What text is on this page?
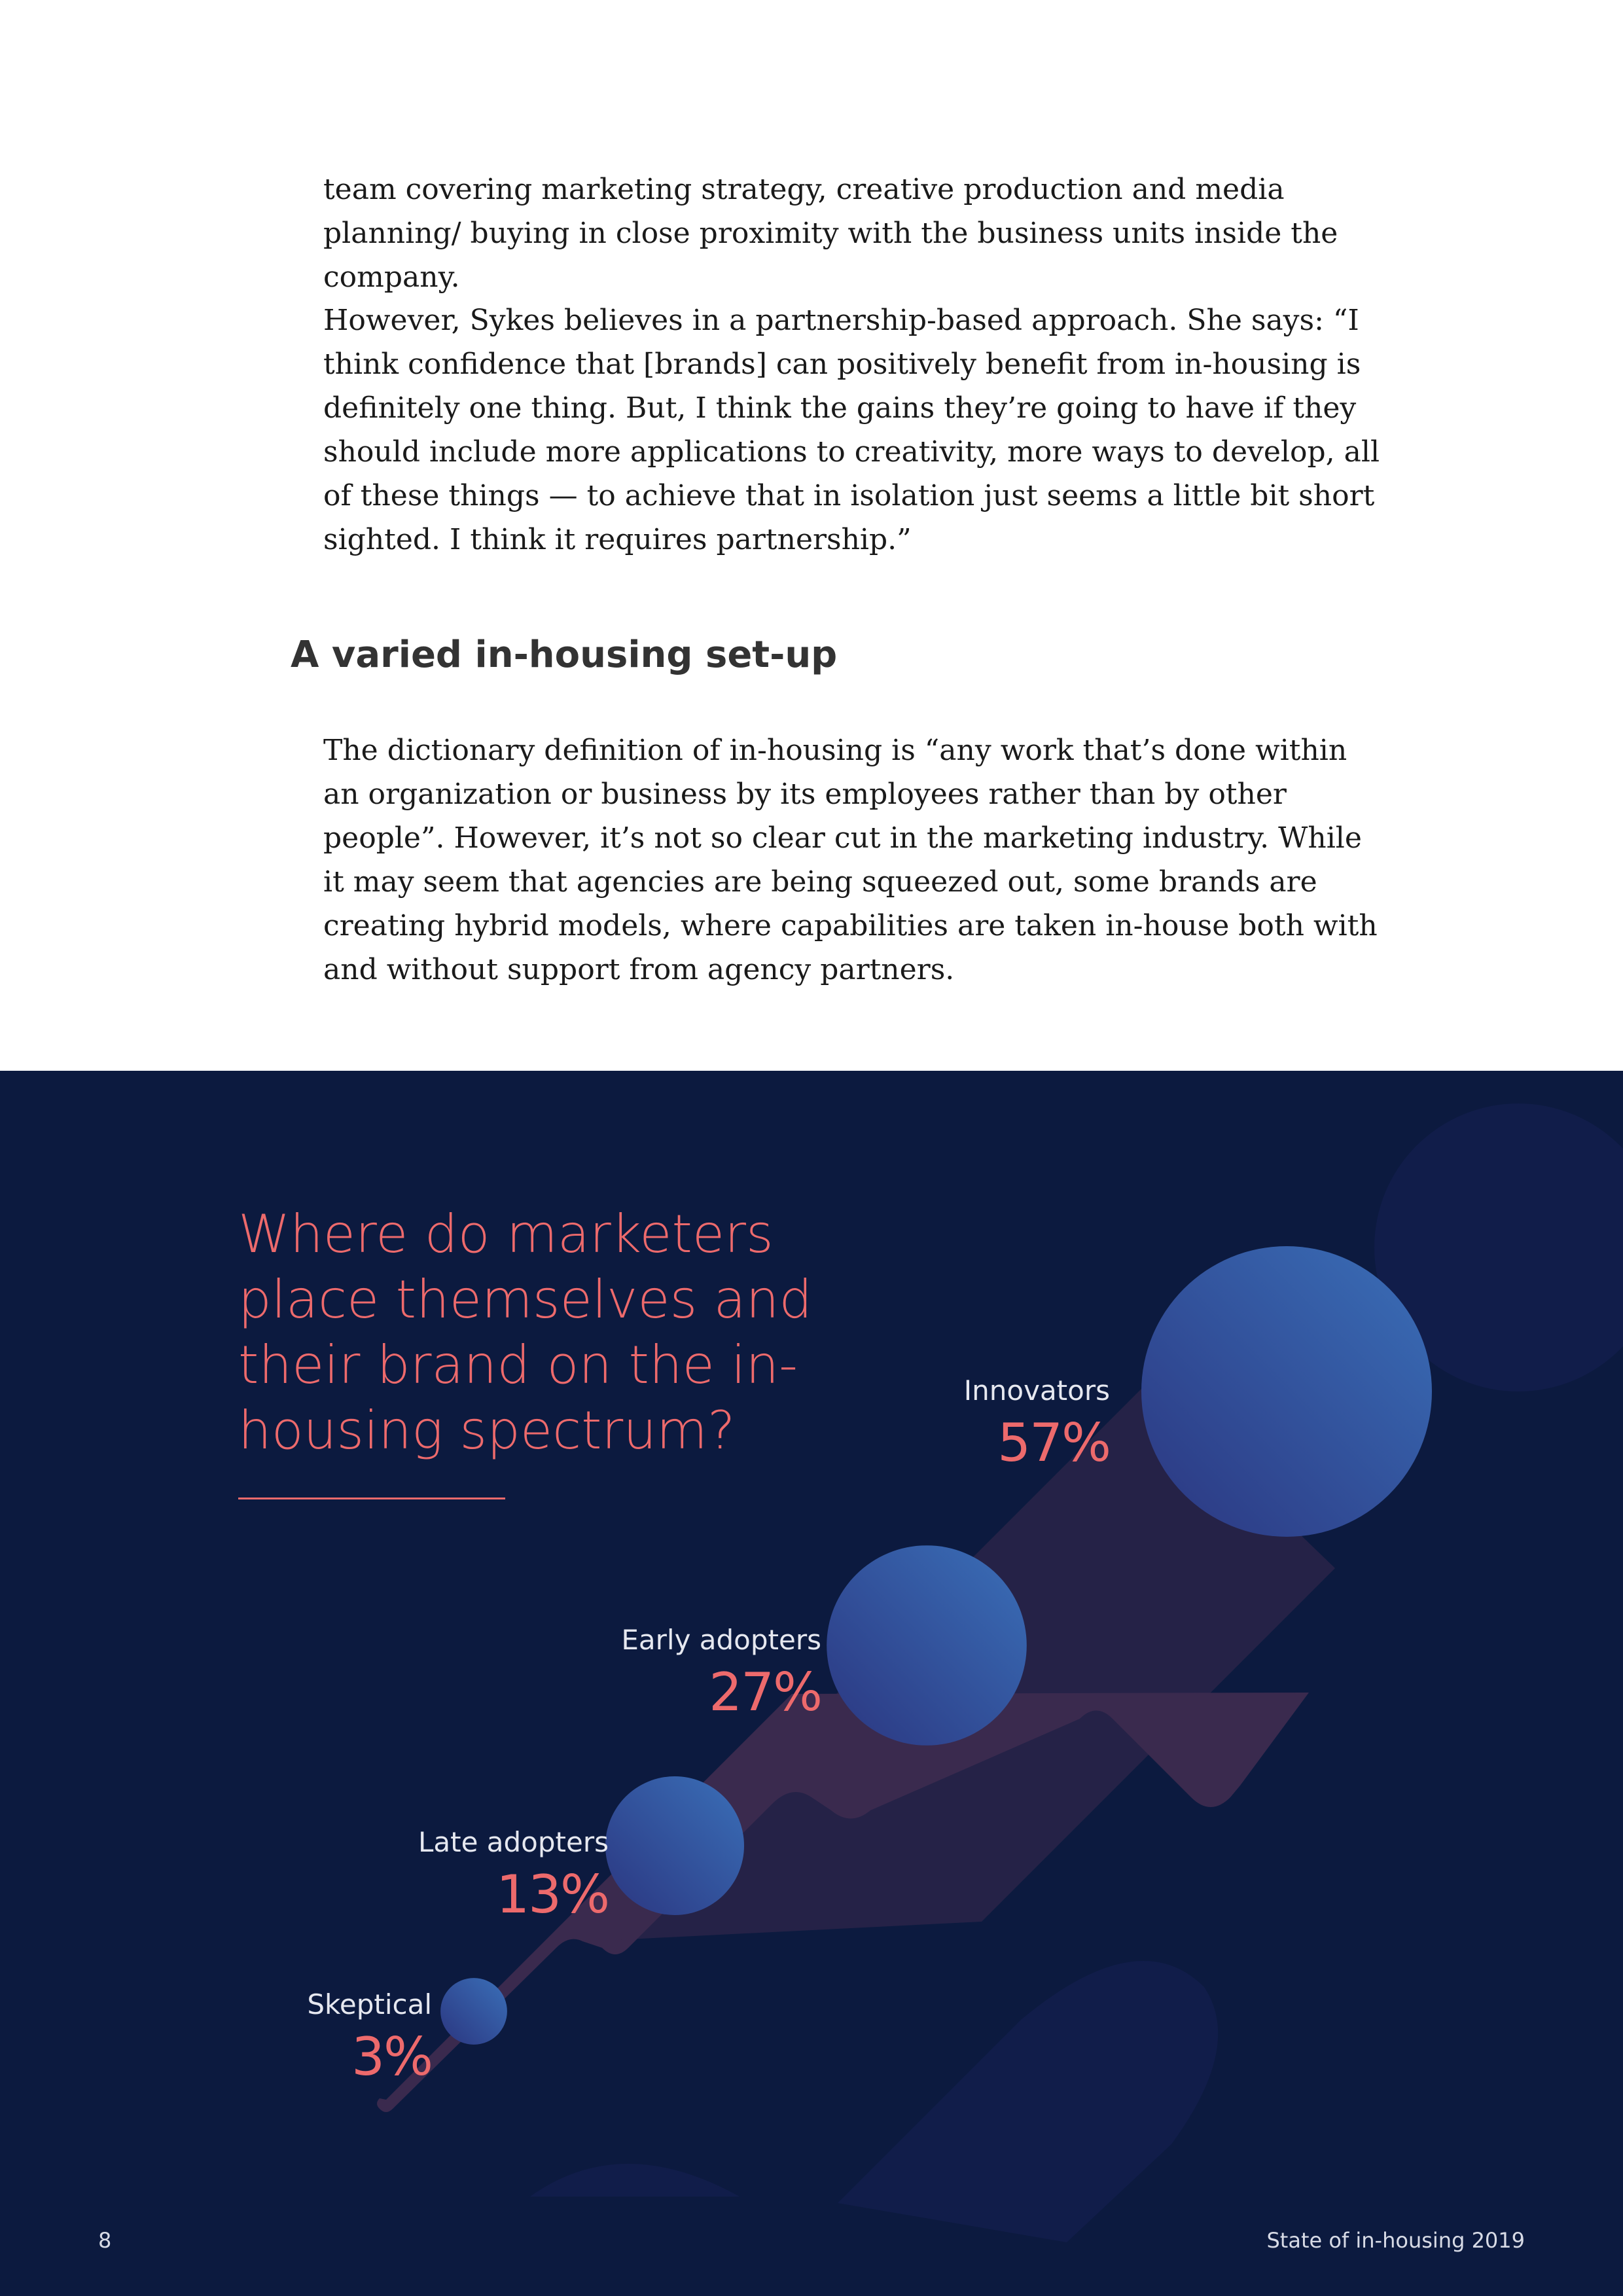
team covering marketing strategy, creative production and media planning/ buying in close proximity with the business units inside the company.

However, Sykes believes in a partnership-based approach. She says: “I think confidence that [brands] can positively benefit from in-housing is definitely one thing. But, I think the gains they’re going to have if they should include more applications to creativity, more ways to develop, all of these things — to achieve that in isolation just seems a little bit short sighted. I think it requires partnership.”

A varied in-housing set-up

The dictionary definition of in-housing is “any work that’s done within an organization or business by its employees rather than by other people”. However, it’s not so clear cut in the marketing industry. While it may seem that agencies are being squeezed out, some brands are creating hybrid models, where capabilities are taken in-house both with and without support from agency partners.

Where do marketers place themselves and their brand on the in-housing spectrum?
Skeptical
3%
Late adopters
13%
Early adopters
27%
Innovators
57%
8	State of in-housing 2019
